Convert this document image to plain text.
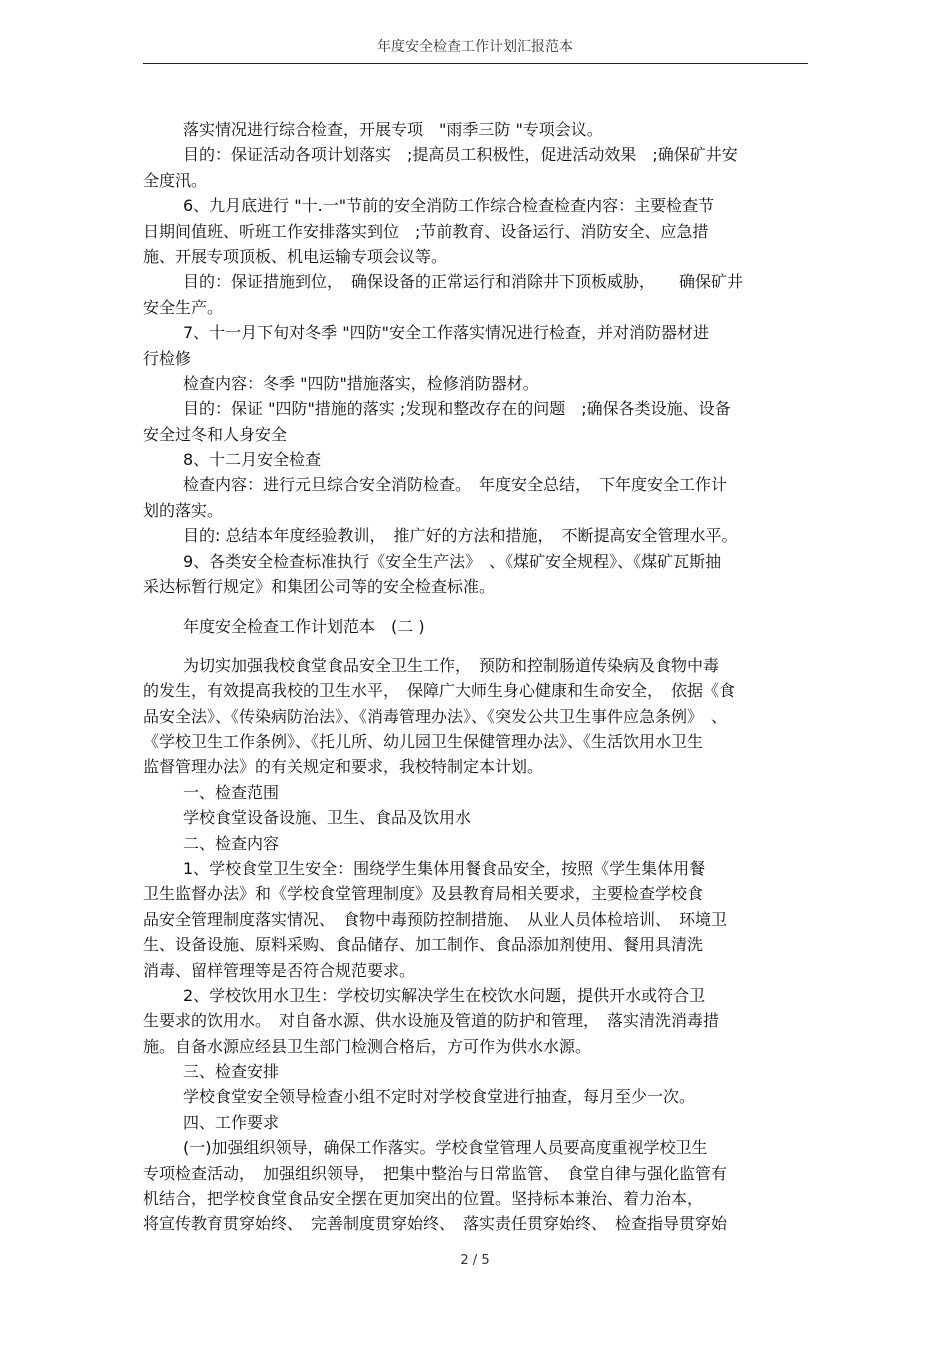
年度安全检查工作计划汇报范本
落实情况进行综合检查，开展专项　"雨季三防 "专项会议。
目的：保证活动各项计划落实　;提高员工积极性，促进活动效果　;确保矿井安
全度汛。
6、九月底进行 "十.一"节前的安全消防工作综合检查检查内容：主要检查节
日期间值班、听班工作安排落实到位　;节前教育、设备运行、消防安全、应急措
施、开展专项顶板、机电运输专项会议等。
目的：保证措施到位，　确保设备的正常运行和消除井下顶板威胁，　　确保矿井
安全生产。
7、十一月下旬对冬季 "四防"安全工作落实情况进行检查，并对消防器材进
行检修
检查内容：冬季 "四防"措施落实，检修消防器材。
目的：保证 "四防"措施的落实 ;发现和整改存在的问题　;确保各类设施、设备
安全过冬和人身安全
8、十二月安全检查
检查内容：进行元旦综合安全消防检查。　年度安全总结，　下年度安全工作计
划的落实。
目的: 总结本年度经验教训，　推广好的方法和措施，　不断提高安全管理水平。
9、各类安全检查标准执行《安全生产法》　、《煤矿安全规程》、《煤矿瓦斯抽
采达标暂行规定》和集团公司等的安全检查标准。
年度安全检查工作计划范本　(二 )
为切实加强我校食堂食品安全卫生工作，　预防和控制肠道传染病及食物中毒
的发生，有效提高我校的卫生水平，　保障广大师生身心健康和生命安全，　依据《食
品安全法》、《传染病防治法》、《消毒管理办法》、《突发公共卫生事件应急条例》　、
《学校卫生工作条例》、《托儿所、幼儿园卫生保健管理办法》、《生活饮用水卫生
监督管理办法》的有关规定和要求，我校特制定本计划。
一、检查范围
学校食堂设备设施、卫生、食品及饮用水
二、检查内容
1、学校食堂卫生安全：围绕学生集体用餐食品安全，按照《学生集体用餐
卫生监督办法》和《学校食堂管理制度》及县教育局相关要求，主要检查学校食
品安全管理制度落实情况、　食物中毒预防控制措施、　从业人员体检培训、　环境卫
生、设备设施、原料采购、食品储存、加工制作、食品添加剂使用、餐用具清洗
消毒、留样管理等是否符合规范要求。
2、学校饮用水卫生：学校切实解决学生在校饮水问题，提供开水或符合卫
生要求的饮用水。　对自备水源、供水设施及管道的防护和管理，　落实清洗消毒措
施。自备水源应经县卫生部门检测合格后，方可作为供水水源。
三、检查安排
学校食堂安全领导检查小组不定时对学校食堂进行抽查，每月至少一次。
四、工作要求
(一)加强组织领导，确保工作落实。学校食堂管理人员要高度重视学校卫生
专项检查活动，　加强组织领导，　把集中整治与日常监管、　食堂自律与强化监管有
机结合，把学校食堂食品安全摆在更加突出的位置。坚持标本兼治、着力治本，
将宣传教育贯穿始终、　完善制度贯穿始终、　落实责任贯穿始终、　检查指导贯穿始
2 / 5
